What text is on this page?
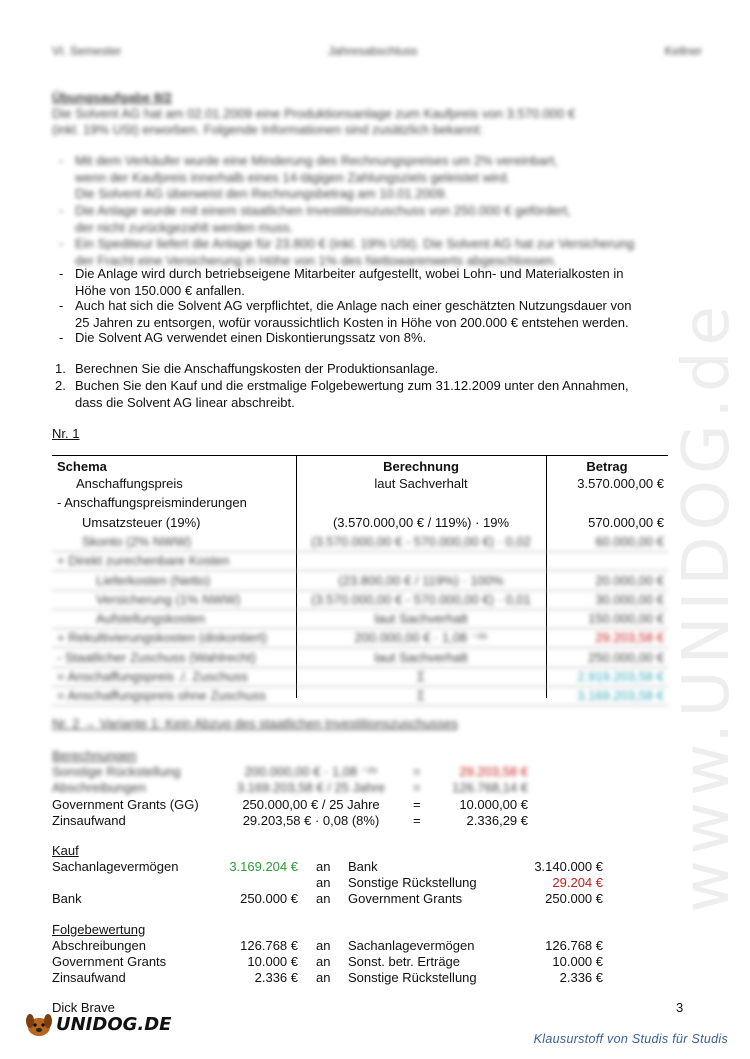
www.UNIDOG.de
VI. Semester	Jahresabschluss	Kellner
Übungsaufgabe 8/2
Die Solvent AG hat am 02.01.2009 eine Produktionsanlage zum Kaufpreis von 3.570.000 €
(inkl. 19% USt) erworben. Folgende Informationen sind zusätzlich bekannt:
- Mit dem Verkäufer wurde eine Minderung des Rechnungspreises um 2% vereinbart,
wenn der Kaufpreis innerhalb eines 14-tägigen Zahlungsziels geleistet wird.
Die Solvent AG überweist den Rechnungsbetrag am 10.01.2009.
- Die Anlage wurde mit einem staatlichen Investitionszuschuss von 250.000 € gefördert,
der nicht zurückgezahlt werden muss.
- Ein Spediteur liefert die Anlage für 23.800 € (inkl. 19% USt). Die Solvent AG hat zur Versicherung
der Fracht eine Versicherung in Höhe von 1% des Nettowarenwerts abgeschlossen.
- Die Anlage wird durch betriebseigene Mitarbeiter aufgestellt, wobei Lohn- und Materialkosten in
Höhe von 150.000 € anfallen.
- Auch hat sich die Solvent AG verpflichtet, die Anlage nach einer geschätzten Nutzungsdauer von
25 Jahren zu entsorgen, wofür voraussichtlich Kosten in Höhe von 200.000 € entstehen werden.
- Die Solvent AG verwendet einen Diskontierungssatz von 8%.
1. Berechnen Sie die Anschaffungskosten der Produktionsanlage.
2. Buchen Sie den Kauf und die erstmalige Folgebewertung zum 31.12.2009 unter den Annahmen,
dass die Solvent AG linear abschreibt.
Nr. 1
Schema	Berechnung	Betrag
Anschaffungspreis	laut Sachverhalt	3.570.000,00 €
- Anschaffungspreisminderungen
Umsatzsteuer (19%)	(3.570.000,00 € / 119%) · 19%	570.000,00 €
Skonto (2% NWW)	(3.570.000,00 € - 570.000,00 €) · 0,02	60.000,00 €
+ Direkt zurechenbare Kosten
Lieferkosten (Netto)	(23.800,00 € / 119%) · 100%	20.000,00 €
Versicherung (1% NWW)	(3.570.000,00 € - 570.000,00 €) · 0,01	30.000,00 €
Aufstellungskosten	laut Sachverhalt	150.000,00 €
+ Rekultivierungskosten (diskontiert)	200.000,00 € · 1,08 ⁻²⁵	29.203,58 €
- Staatlicher Zuschuss (Wahlrecht)	laut Sachverhalt	250.000,00 €
= Anschaffungspreis ./. Zuschuss	Σ	2.919.203,58 €
= Anschaffungspreis ohne Zuschuss	Σ	3.169.203,58 €
Nr. 2 → Variante 1: Kein Abzug des staatlichen Investitionszuschusses
Berechnungen
Sonstige Rückstellung	200.000,00 € · 1,08 ⁻²⁵	=	29.203,58 €
Abschreibungen	3.169.203,58 € / 25 Jahre	=	126.768,14 €
Government Grants (GG)	250.000,00 € / 25 Jahre	=	10.000,00 €
Zinsaufwand	29.203,58 € · 0,08 (8%)	=	2.336,29 €
Kauf
Sachanlagevermögen	3.169.204 € an Bank	3.140.000 €
an Sonstige Rückstellung	29.204 €
Bank	250.000 € an Government Grants	250.000 €
Folgebewertung
Abschreibungen	126.768 € an Sachanlagevermögen	126.768 €
Government Grants	10.000 € an Sonst. betr. Erträge	10.000 €
Zinsaufwand	2.336 € an Sonstige Rückstellung	2.336 €
Dick Brave	3
UNIDOG.DE
Klausurstoff von Studis für Studis
